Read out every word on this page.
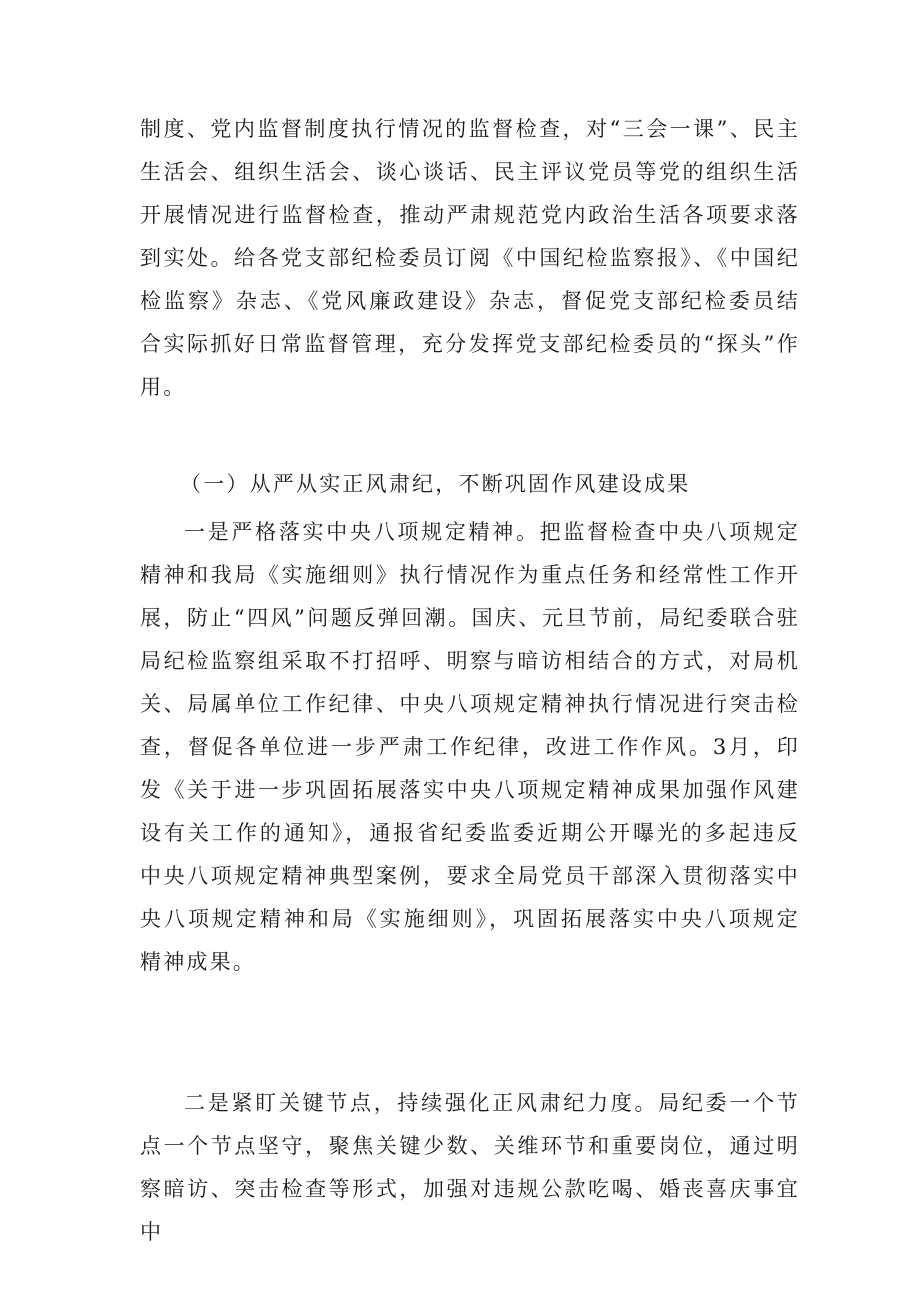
制度、党内监督制度执行情况的监督检查，对“三会一课”、民主生活会、组织生活会、谈心谈话、民主评议党员等党的组织生活开展情况进行监督检查，推动严肃规范党内政治生活各项要求落到实处。给各党支部纪检委员订阅《中国纪检监察报》、《中国纪检监察》杂志、《党风廉政建设》杂志，督促党支部纪检委员结合实际抓好日常监督管理，充分发挥党支部纪检委员的“探头”作用。

（一）从严从实正风肃纪，不断巩固作风建设成果

一是严格落实中央八项规定精神。把监督检查中央八项规定精神和我局《实施细则》执行情况作为重点任务和经常性工作开展，防止“四风”问题反弹回潮。国庆、元旦节前，局纪委联合驻局纪检监察组采取不打招呼、明察与暗访相结合的方式，对局机关、局属单位工作纪律、中央八项规定精神执行情况进行突击检查，督促各单位进一步严肃工作纪律，改进工作作风。3月，印发《关于进一步巩固拓展落实中央八项规定精神成果加强作风建设有关工作的通知》，通报省纪委监委近期公开曝光的多起违反中央八项规定精神典型案例，要求全局党员干部深入贯彻落实中央八项规定精神和局《实施细则》，巩固拓展落实中央八项规定精神成果。

二是紧盯关键节点，持续强化正风肃纪力度。局纪委一个节点一个节点坚守，聚焦关键少数、关维环节和重要岗位，通过明察暗访、突击检查等形式，加强对违规公款吃喝、婚丧喜庆事宜中
